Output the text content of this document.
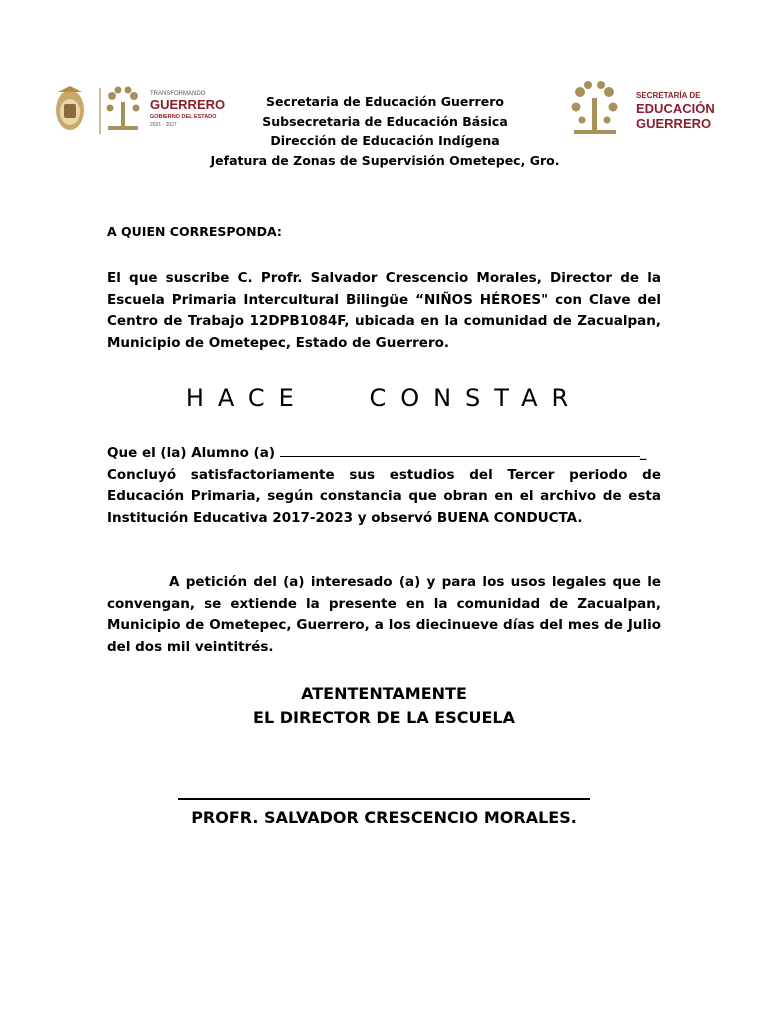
TRANSFORMANDO
GUERRERO
GOBIERNO DEL ESTADO
2021 - 2027
Secretaria de Educación Guerrero
Subsecretaria de Educación Básica
Dirección de Educación Indígena
Jefatura de Zonas de Supervisión Ometepec, Gro.
SECRETARÍA DE
EDUCACIÓN
GUERRERO
A QUIEN CORRESPONDA:
El que suscribe C. Profr. Salvador Crescencio Morales, Director de la Escuela Primaria Intercultural Bilingüe “NIÑOS HÉROES" con Clave del Centro de Trabajo 12DPB1084F, ubicada en la comunidad de Zacualpan, Municipio de Ometepec, Estado de Guerrero.
HACE	CONSTAR
Que el (la) Alumno (a)	_
Concluyó satisfactoriamente sus estudios del Tercer periodo de Educación Primaria, según constancia que obran en el archivo de esta Institución Educativa 2017-2023 y observó BUENA CONDUCTA.
A petición del (a) interesado (a) y para los usos legales que le convengan, se extiende la presente en la comunidad de Zacualpan, Municipio de Ometepec, Guerrero, a los diecinueve días del mes de Julio del dos mil veintitrés.
ATENTENTAMENTE
EL DIRECTOR DE LA ESCUELA
PROFR. SALVADOR CRESCENCIO MORALES.
